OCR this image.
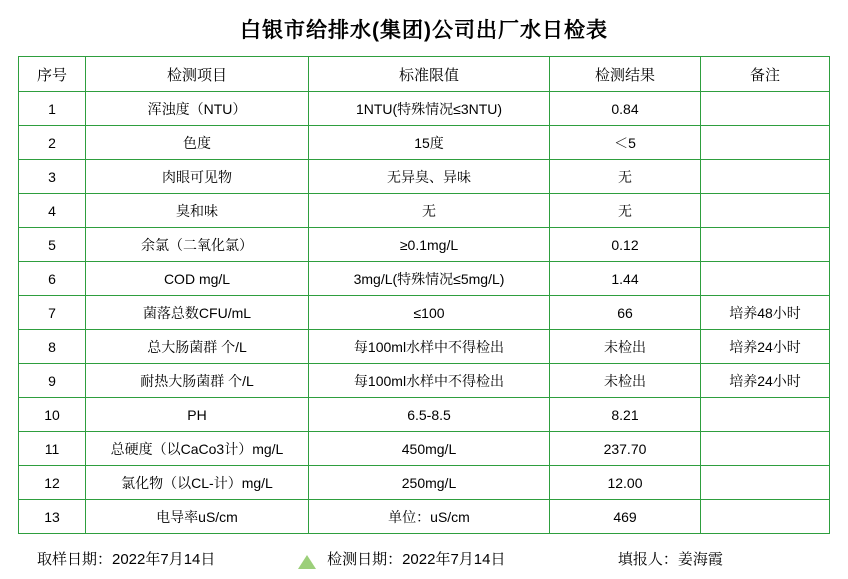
白银市给排水(集团)公司出厂水日检表
序号	检测项目	标准限值	检测结果	备注
1	浑浊度（NTU）	1NTU(特殊情况≤3NTU)	0.84	
2	色度	15度	＜5	
3	肉眼可见物	无异臭、异味	无	
4	臭和味	无	无	
5	余氯（二氧化氯）	≥0.1mg/L	0.12	
6	COD mg/L	3mg/L(特殊情况≤5mg/L)	1.44	
7	菌落总数CFU/mL	≤100	66	培养48小时
8	总大肠菌群 个/L	每100ml水样中不得检出	未检出	培养24小时
9	耐热大肠菌群 个/L	每100ml水样中不得检出	未检出	培养24小时
10	PH	6.5-8.5	8.21	
11	总硬度（以CaCo3计）mg/L	450mg/L	237.70	
12	氯化物（以CL-计）mg/L	250mg/L	12.00	
13	电导率uS/cm	单位：uS/cm	469	
取样日期：2022年7月14日	检测日期：2022年7月14日	填报人：姜海霞
